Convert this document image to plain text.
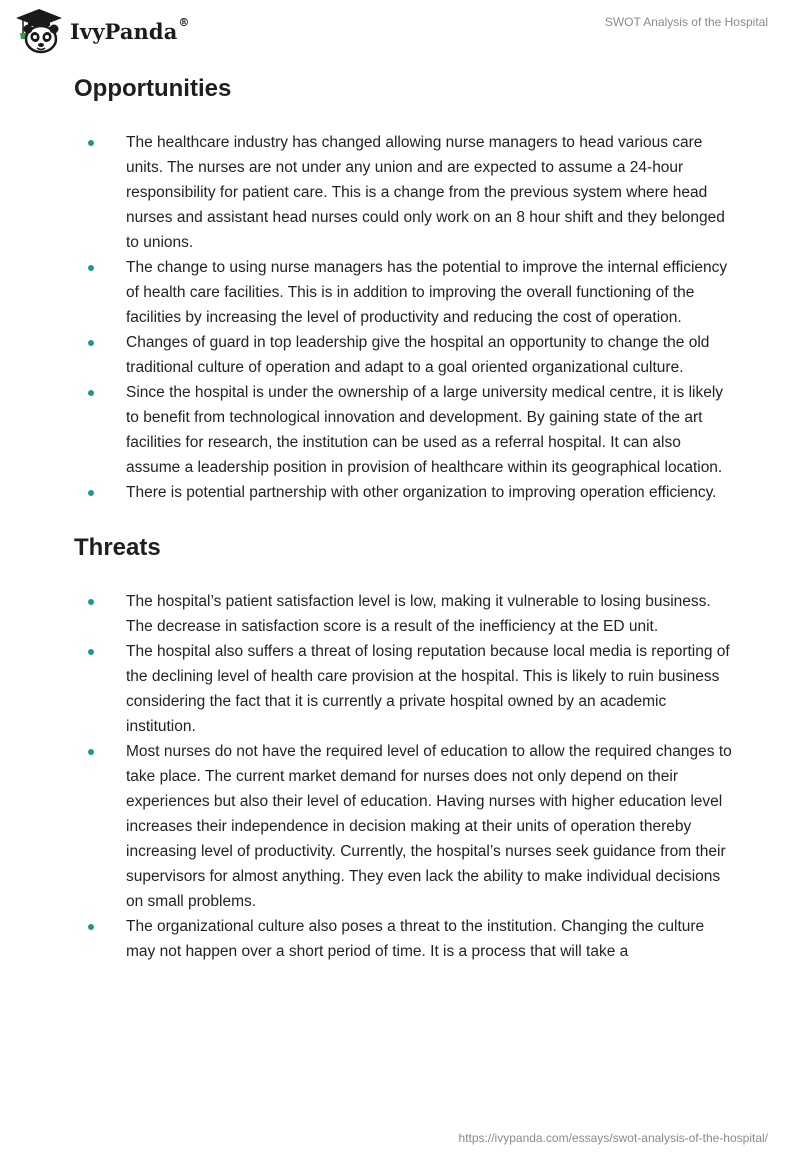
IvyPanda®	SWOT Analysis of the Hospital
Opportunities
The healthcare industry has changed allowing nurse managers to head various care units. The nurses are not under any union and are expected to assume a 24-hour responsibility for patient care. This is a change from the previous system where head nurses and assistant head nurses could only work on an 8 hour shift and they belonged to unions.
The change to using nurse managers has the potential to improve the internal efficiency of health care facilities. This is in addition to improving the overall functioning of the facilities by increasing the level of productivity and reducing the cost of operation.
Changes of guard in top leadership give the hospital an opportunity to change the old traditional culture of operation and adapt to a goal oriented organizational culture.
Since the hospital is under the ownership of a large university medical centre, it is likely to benefit from technological innovation and development. By gaining state of the art facilities for research, the institution can be used as a referral hospital. It can also assume a leadership position in provision of healthcare within its geographical location.
There is potential partnership with other organization to improving operation efficiency.
Threats
The hospital’s patient satisfaction level is low, making it vulnerable to losing business. The decrease in satisfaction score is a result of the inefficiency at the ED unit.
The hospital also suffers a threat of losing reputation because local media is reporting of the declining level of health care provision at the hospital. This is likely to ruin business considering the fact that it is currently a private hospital owned by an academic institution.
Most nurses do not have the required level of education to allow the required changes to take place. The current market demand for nurses does not only depend on their experiences but also their level of education. Having nurses with higher education level increases their independence in decision making at their units of operation thereby increasing level of productivity. Currently, the hospital’s nurses seek guidance from their supervisors for almost anything. They even lack the ability to make individual decisions on small problems.
The organizational culture also poses a threat to the institution. Changing the culture may not happen over a short period of time. It is a process that will take a
https://ivypanda.com/essays/swot-analysis-of-the-hospital/
